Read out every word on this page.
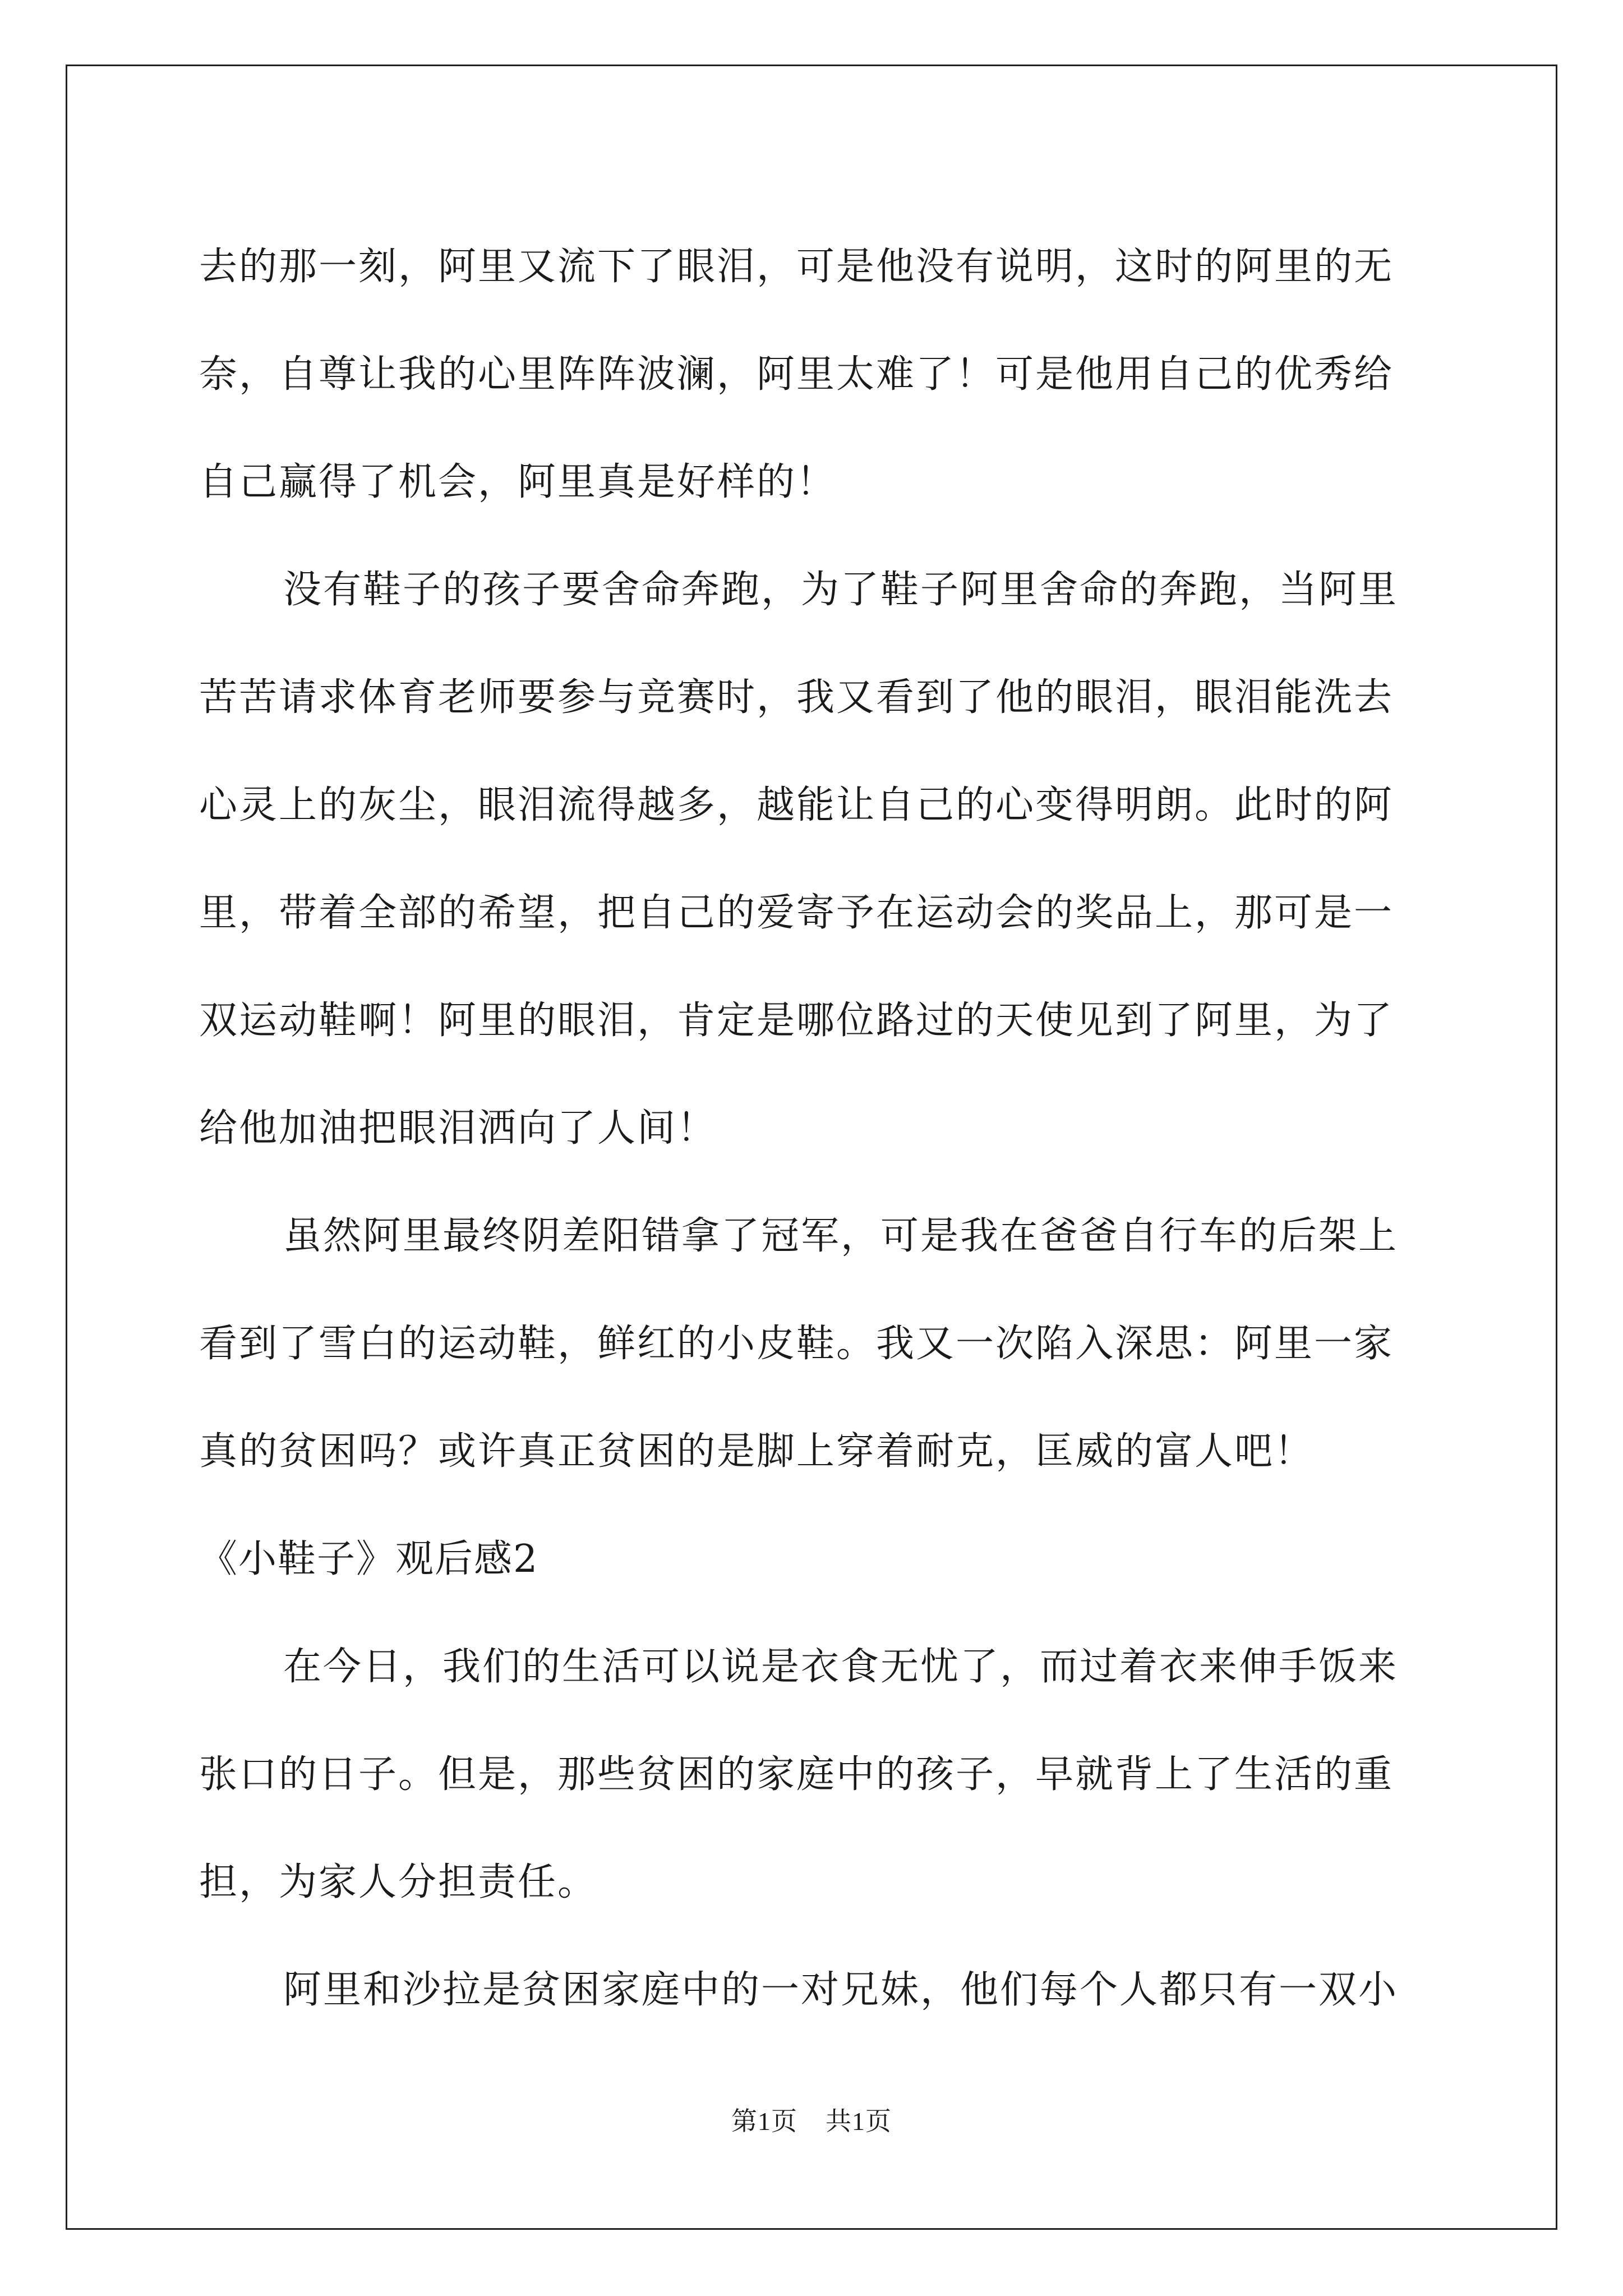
去的那一刻，阿里又流下了眼泪，可是他没有说明，这时的阿里的无
奈，自尊让我的心里阵阵波澜，阿里太难了！可是他用自己的优秀给
自己赢得了机会，阿里真是好样的！
没有鞋子的孩子要舍命奔跑，为了鞋子阿里舍命的奔跑，当阿里
苦苦请求体育老师要参与竞赛时，我又看到了他的眼泪，眼泪能洗去
心灵上的灰尘，眼泪流得越多，越能让自己的心变得明朗。此时的阿
里，带着全部的希望，把自己的爱寄予在运动会的奖品上，那可是一
双运动鞋啊！阿里的眼泪，肯定是哪位路过的天使见到了阿里，为了
给他加油把眼泪洒向了人间！
虽然阿里最终阴差阳错拿了冠军，可是我在爸爸自行车的后架上
看到了雪白的运动鞋，鲜红的小皮鞋。我又一次陷入深思：阿里一家
真的贫困吗？或许真正贫困的是脚上穿着耐克，匡威的富人吧！
《小鞋子》观后感2
在今日，我们的生活可以说是衣食无忧了，而过着衣来伸手饭来
张口的日子。但是，那些贫困的家庭中的孩子，早就背上了生活的重
担，为家人分担责任。
阿里和沙拉是贫困家庭中的一对兄妹，他们每个人都只有一双小
第1页 共1页
